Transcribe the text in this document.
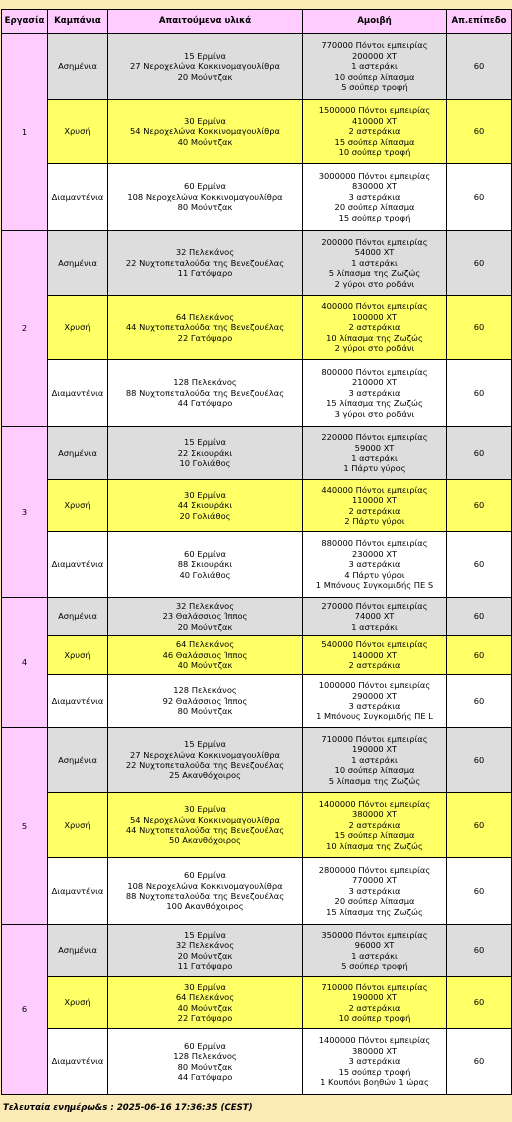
Εργασία	Καμπάνια	Απαιτούμενα υλικά	Αμοιβή	Απ.επίπεδο
1	Ασημένια	15 Ερμίνα
27 Νεροχελώνα Κοκκινομαγουλίθρα
20 Μούντζακ	770000 Πόντοι εμπειρίας
200000 XT
1 αστεράκι
10 σούπερ λίπασμα
5 σούπερ τροφή	60
	Χρυσή	30 Ερμίνα
54 Νεροχελώνα Κοκκινομαγουλίθρα
40 Μούντζακ	1500000 Πόντοι εμπειρίας
410000 XT
2 αστεράκια
15 σούπερ λίπασμα
10 σούπερ τροφή	60
	Διαμαντένια	60 Ερμίνα
108 Νεροχελώνα Κοκκινομαγουλίθρα
80 Μούντζακ	3000000 Πόντοι εμπειρίας
830000 XT
3 αστεράκια
20 σούπερ λίπασμα
15 σούπερ τροφή	60
2	Ασημένια	32 Πελεκάνος
22 Νυχτοπεταλούδα της Βενεζουέλας
11 Γατόψαρο	200000 Πόντοι εμπειρίας
54000 XT
1 αστεράκι
5 λίπασμα της Ζωζώς
2 γύροι στο ροδάνι	60
	Χρυσή	64 Πελεκάνος
44 Νυχτοπεταλούδα της Βενεζουέλας
22 Γατόψαρο	400000 Πόντοι εμπειρίας
100000 XT
2 αστεράκια
10 λίπασμα της Ζωζώς
2 γύροι στο ροδάνι	60
	Διαμαντένια	128 Πελεκάνος
88 Νυχτοπεταλούδα της Βενεζουέλας
44 Γατόψαρο	800000 Πόντοι εμπειρίας
210000 XT
3 αστεράκια
15 λίπασμα της Ζωζώς
3 γύροι στο ροδάνι	60
3	Ασημένια	15 Ερμίνα
22 Σκιουράκι
10 Γολιάθος	220000 Πόντοι εμπειρίας
59000 XT
1 αστεράκι
1 Πάρτυ γύρος	60
	Χρυσή	30 Ερμίνα
44 Σκιουράκι
20 Γολιάθος	440000 Πόντοι εμπειρίας
110000 XT
2 αστεράκια
2 Πάρτυ γύροι	60
	Διαμαντένια	60 Ερμίνα
88 Σκιουράκι
40 Γολιάθος	880000 Πόντοι εμπειρίας
230000 XT
3 αστεράκια
4 Πάρτυ γύροι
1 Μπόνους Συγκομιδής ΠΕ S	60
4	Ασημένια	32 Πελεκάνος
23 Θαλάσσιος Ίππος
20 Μούντζακ	270000 Πόντοι εμπειρίας
74000 XT
1 αστεράκι	60
	Χρυσή	64 Πελεκάνος
46 Θαλάσσιος Ίππος
40 Μούντζακ	540000 Πόντοι εμπειρίας
140000 XT
2 αστεράκια	60
	Διαμαντένια	128 Πελεκάνος
92 Θαλάσσιος Ίππος
80 Μούντζακ	1000000 Πόντοι εμπειρίας
290000 XT
3 αστεράκια
1 Μπόνους Συγκομιδής ΠΕ L	60
5	Ασημένια	15 Ερμίνα
27 Νεροχελώνα Κοκκινομαγουλίθρα
22 Νυχτοπεταλούδα της Βενεζουέλας
25 Ακανθόχοιρος	710000 Πόντοι εμπειρίας
190000 XT
1 αστεράκι
10 σούπερ λίπασμα
5 λίπασμα της Ζωζώς	60
	Χρυσή	30 Ερμίνα
54 Νεροχελώνα Κοκκινομαγουλίθρα
44 Νυχτοπεταλούδα της Βενεζουέλας
50 Ακανθόχοιρος	1400000 Πόντοι εμπειρίας
380000 XT
2 αστεράκια
15 σούπερ λίπασμα
10 λίπασμα της Ζωζώς	60
	Διαμαντένια	60 Ερμίνα
108 Νεροχελώνα Κοκκινομαγουλίθρα
88 Νυχτοπεταλούδα της Βενεζουέλας
100 Ακανθόχοιρος	2800000 Πόντοι εμπειρίας
770000 XT
3 αστεράκια
20 σούπερ λίπασμα
15 λίπασμα της Ζωζώς	60
6	Ασημένια	15 Ερμίνα
32 Πελεκάνος
20 Μούντζακ
11 Γατόψαρο	350000 Πόντοι εμπειρίας
96000 XT
1 αστεράκι
5 σούπερ τροφή	60
	Χρυσή	30 Ερμίνα
64 Πελεκάνος
40 Μούντζακ
22 Γατόψαρο	710000 Πόντοι εμπειρίας
190000 XT
2 αστεράκια
10 σούπερ τροφή	60
	Διαμαντένια	60 Ερμίνα
128 Πελεκάνος
80 Μούντζακ
44 Γατόψαρο	1400000 Πόντοι εμπειρίας
380000 XT
3 αστεράκια
15 σούπερ τροφή
1 Κουπόνι βοηθών 1 ώρας	60
Τελευταία ενημέρω&s : 2025-06-16 17:36:35 (CEST)
